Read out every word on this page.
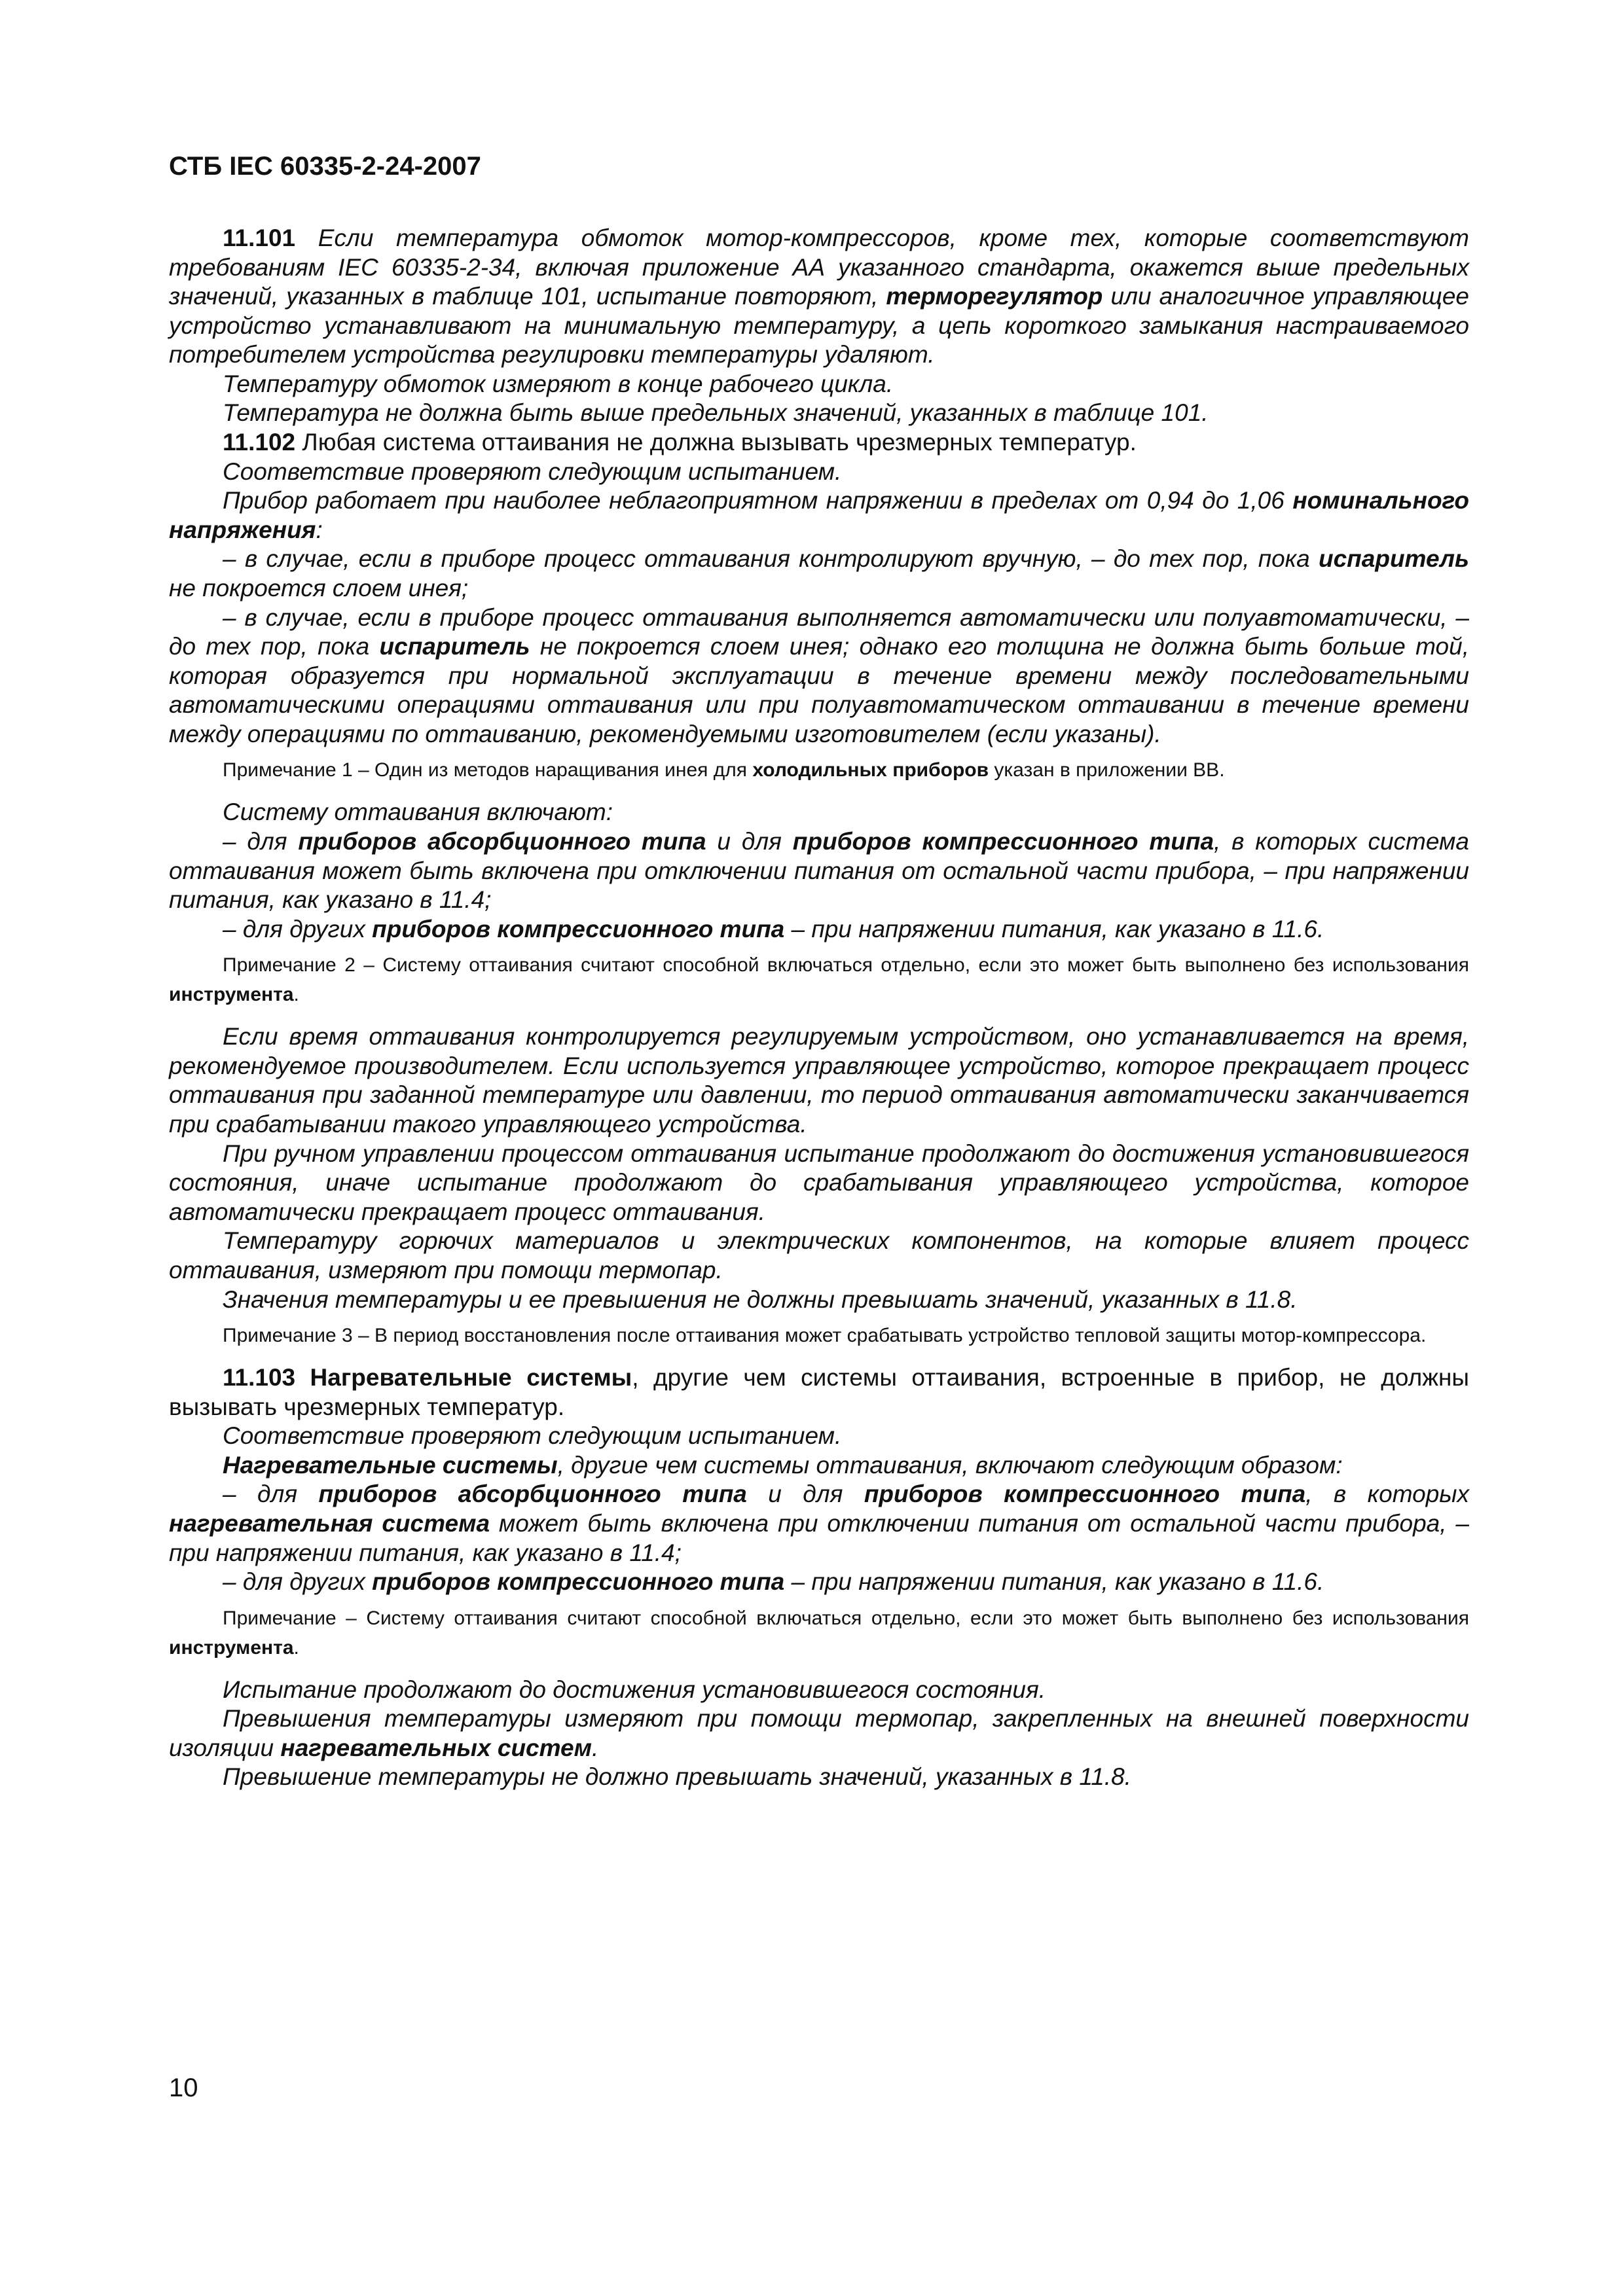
СТБ IEC 60335-2-24-2007
11.101 Если температура обмоток мотор-компрессоров, кроме тех, которые соответствуют требованиям IEC 60335-2-34, включая приложение АА указанного стандарта, окажется выше предельных значений, указанных в таблице 101, испытание повторяют, терморегулятор или аналогичное управляющее устройство устанавливают на минимальную температуру, а цепь короткого замыкания настраиваемого потребителем устройства регулировки температуры удаляют.
Температуру обмоток измеряют в конце рабочего цикла.
Температура не должна быть выше предельных значений, указанных в таблице 101.
11.102 Любая система оттаивания не должна вызывать чрезмерных температур.
Соответствие проверяют следующим испытанием.
Прибор работает при наиболее неблагоприятном напряжении в пределах от 0,94 до 1,06 номинального напряжения:
– в случае, если в приборе процесс оттаивания контролируют вручную, – до тех пор, пока испаритель не покроется слоем инея;
– в случае, если в приборе процесс оттаивания выполняется автоматически или полуавтоматически, – до тех пор, пока испаритель не покроется слоем инея; однако его толщина не должна быть больше той, которая образуется при нормальной эксплуатации в течение времени между последовательными автоматическими операциями оттаивания или при полуавтоматическом оттаивании в течение времени между операциями по оттаиванию, рекомендуемыми изготовителем (если указаны).
Примечание 1 – Один из методов наращивания инея для холодильных приборов указан в приложении ВВ.
Систему оттаивания включают:
– для приборов абсорбционного типа и для приборов компрессионного типа, в которых система оттаивания может быть включена при отключении питания от остальной части прибора, – при напряжении питания, как указано в 11.4;
– для других приборов компрессионного типа – при напряжении питания, как указано в 11.6.
Примечание 2 – Систему оттаивания считают способной включаться отдельно, если это может быть выполнено без использования инструмента.
Если время оттаивания контролируется регулируемым устройством, оно устанавливается на время, рекомендуемое производителем. Если используется управляющее устройство, которое прекращает процесс оттаивания при заданной температуре или давлении, то период оттаивания автоматически заканчивается при срабатывании такого управляющего устройства.
При ручном управлении процессом оттаивания испытание продолжают до достижения установившегося состояния, иначе испытание продолжают до срабатывания управляющего устройства, которое автоматически прекращает процесс оттаивания.
Температуру горючих материалов и электрических компонентов, на которые влияет процесс оттаивания, измеряют при помощи термопар.
Значения температуры и ее превышения не должны превышать значений, указанных в 11.8.
Примечание 3 – В период восстановления после оттаивания может срабатывать устройство тепловой защиты мотор-компрессора.
11.103 Нагревательные системы, другие чем системы оттаивания, встроенные в прибор, не должны вызывать чрезмерных температур.
Соответствие проверяют следующим испытанием.
Нагревательные системы, другие чем системы оттаивания, включают следующим образом:
– для приборов абсорбционного типа и для приборов компрессионного типа, в которых нагревательная система может быть включена при отключении питания от остальной части прибора, – при напряжении питания, как указано в 11.4;
– для других приборов компрессионного типа – при напряжении питания, как указано в 11.6.
Примечание – Систему оттаивания считают способной включаться отдельно, если это может быть выполнено без использования инструмента.
Испытание продолжают до достижения установившегося состояния.
Превышения температуры измеряют при помощи термопар, закрепленных на внешней поверхности изоляции нагревательных систем.
Превышение температуры не должно превышать значений, указанных в 11.8.
10
